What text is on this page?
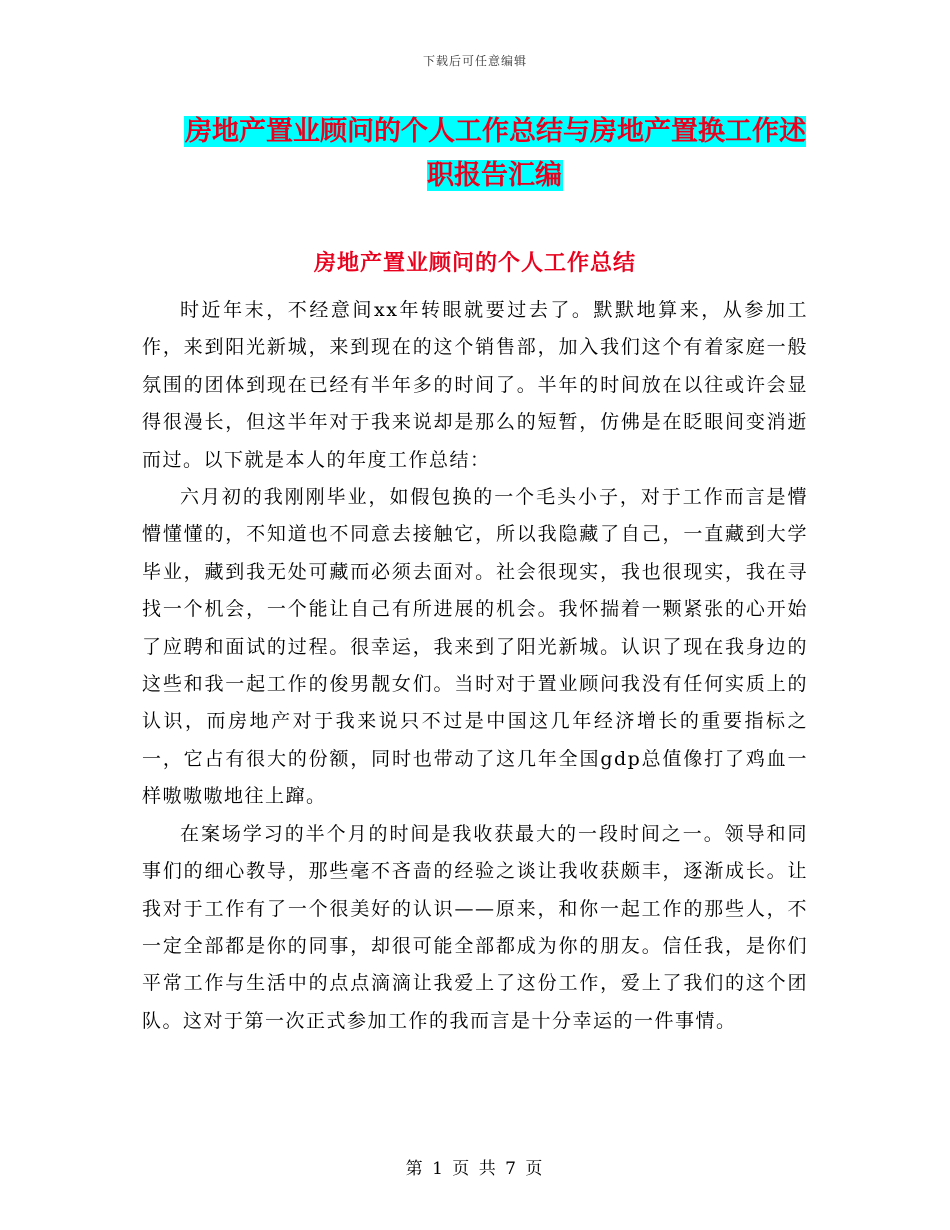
下载后可任意编辑
房地产置业顾问的个人工作总结与房地产置换工作述职报告汇编
房地产置业顾问的个人工作总结

时近年末，不经意间xx年转眼就要过去了。默默地算来，从参加工作，来到阳光新城，来到现在的这个销售部，加入我们这个有着家庭一般氛围的团体到现在已经有半年多的时间了。半年的时间放在以往或许会显得很漫长，但这半年对于我来说却是那么的短暂，仿佛是在眨眼间变消逝而过。以下就是本人的年度工作总结：

六月初的我刚刚毕业，如假包换的一个毛头小子，对于工作而言是懵懵懂懂的，不知道也不同意去接触它，所以我隐藏了自己，一直藏到大学毕业，藏到我无处可藏而必须去面对。社会很现实，我也很现实，我在寻找一个机会，一个能让自己有所进展的机会。我怀揣着一颗紧张的心开始了应聘和面试的过程。很幸运，我来到了阳光新城。认识了现在我身边的这些和我一起工作的俊男靓女们。当时对于置业顾问我没有任何实质上的认识，而房地产对于我来说只不过是中国这几年经济增长的重要指标之一，它占有很大的份额，同时也带动了这几年全国gdp总值像打了鸡血一样嗷嗷嗷地往上蹿。

在案场学习的半个月的时间是我收获最大的一段时间之一。领导和同事们的细心教导，那些毫不吝啬的经验之谈让我收获颇丰，逐渐成长。让我对于工作有了一个很美好的认识——原来，和你一起工作的那些人，不一定全部都是你的同事，却很可能全部都成为你的朋友。信任我，是你们平常工作与生活中的点点滴滴让我爱上了这份工作，爱上了我们的这个团队。这对于第一次正式参加工作的我而言是十分幸运的一件事情。

第 1 页 共 7 页
